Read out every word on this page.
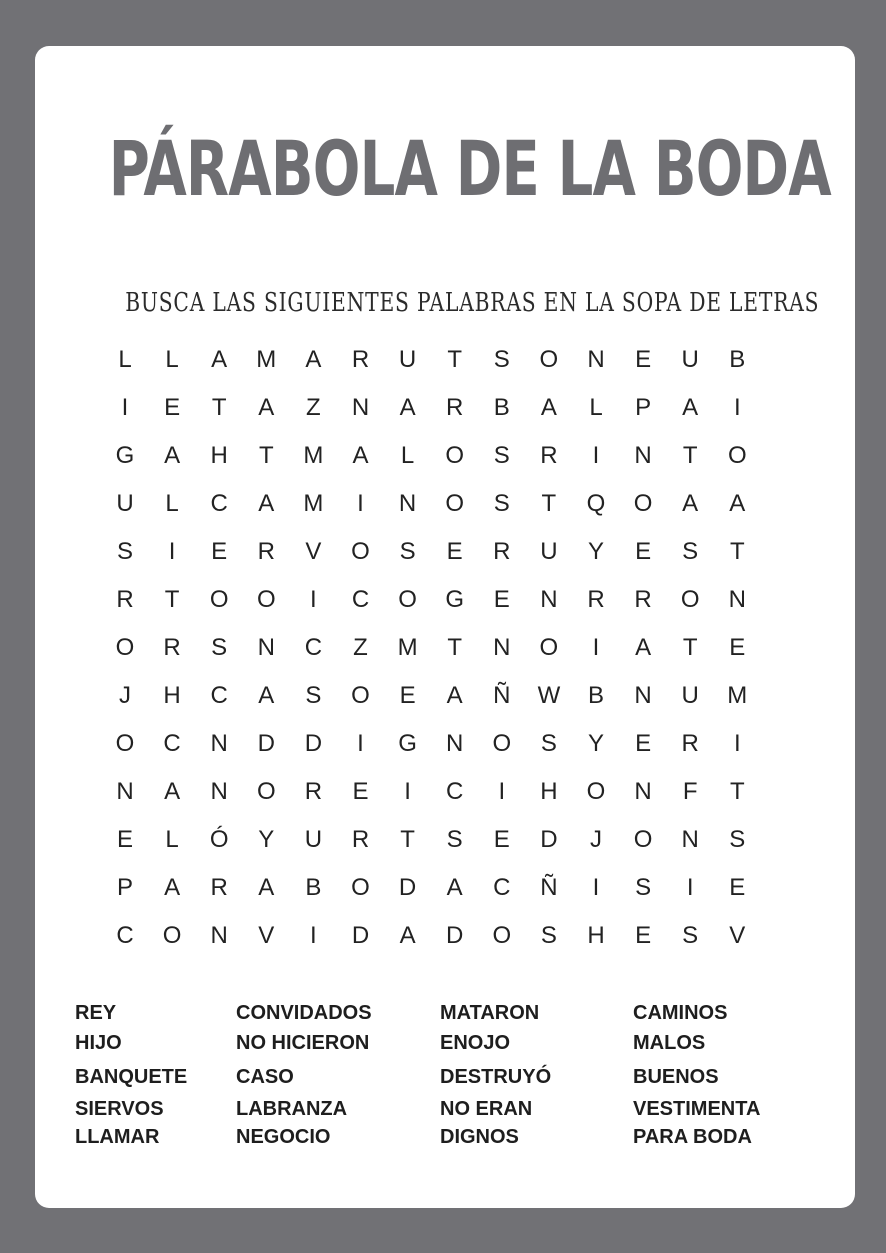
PÁRABOLA DE LA BODA
BUSCA LAS SIGUIENTES PALABRAS EN LA SOPA DE LETRAS
L	L	A	M	A	R	U	T	S	O	N	E	U	B
I	E	T	A	Z	N	A	R	B	A	L	P	A	I
G	A	H	T	M	A	L	O	S	R	I	N	T	O
U	L	C	A	M	I	N	O	S	T	Q	O	A	A
S	I	E	R	V	O	S	E	R	U	Y	E	S	T
R	T	O	O	I	C	O	G	E	N	R	R	O	N
O	R	S	N	C	Z	M	T	N	O	I	A	T	E
J	H	C	A	S	O	E	A	Ñ	W	B	N	U	M
O	C	N	D	D	I	G	N	O	S	Y	E	R	I
N	A	N	O	R	E	I	C	I	H	O	N	F	T
E	L	Ó	Y	U	R	T	S	E	D	J	O	N	S
P	A	R	A	B	O	D	A	C	Ñ	I	S	I	E
C	O	N	V	I	D	A	D	O	S	H	E	S	V
REY
HIJO
BANQUETE
SIERVOS
LLAMAR
CONVIDADOS
NO HICIERON
CASO
LABRANZA
NEGOCIO
MATARON
ENOJO
DESTRUYÓ
NO ERAN
DIGNOS
CAMINOS
MALOS
BUENOS
VESTIMENTA
PARA BODA
